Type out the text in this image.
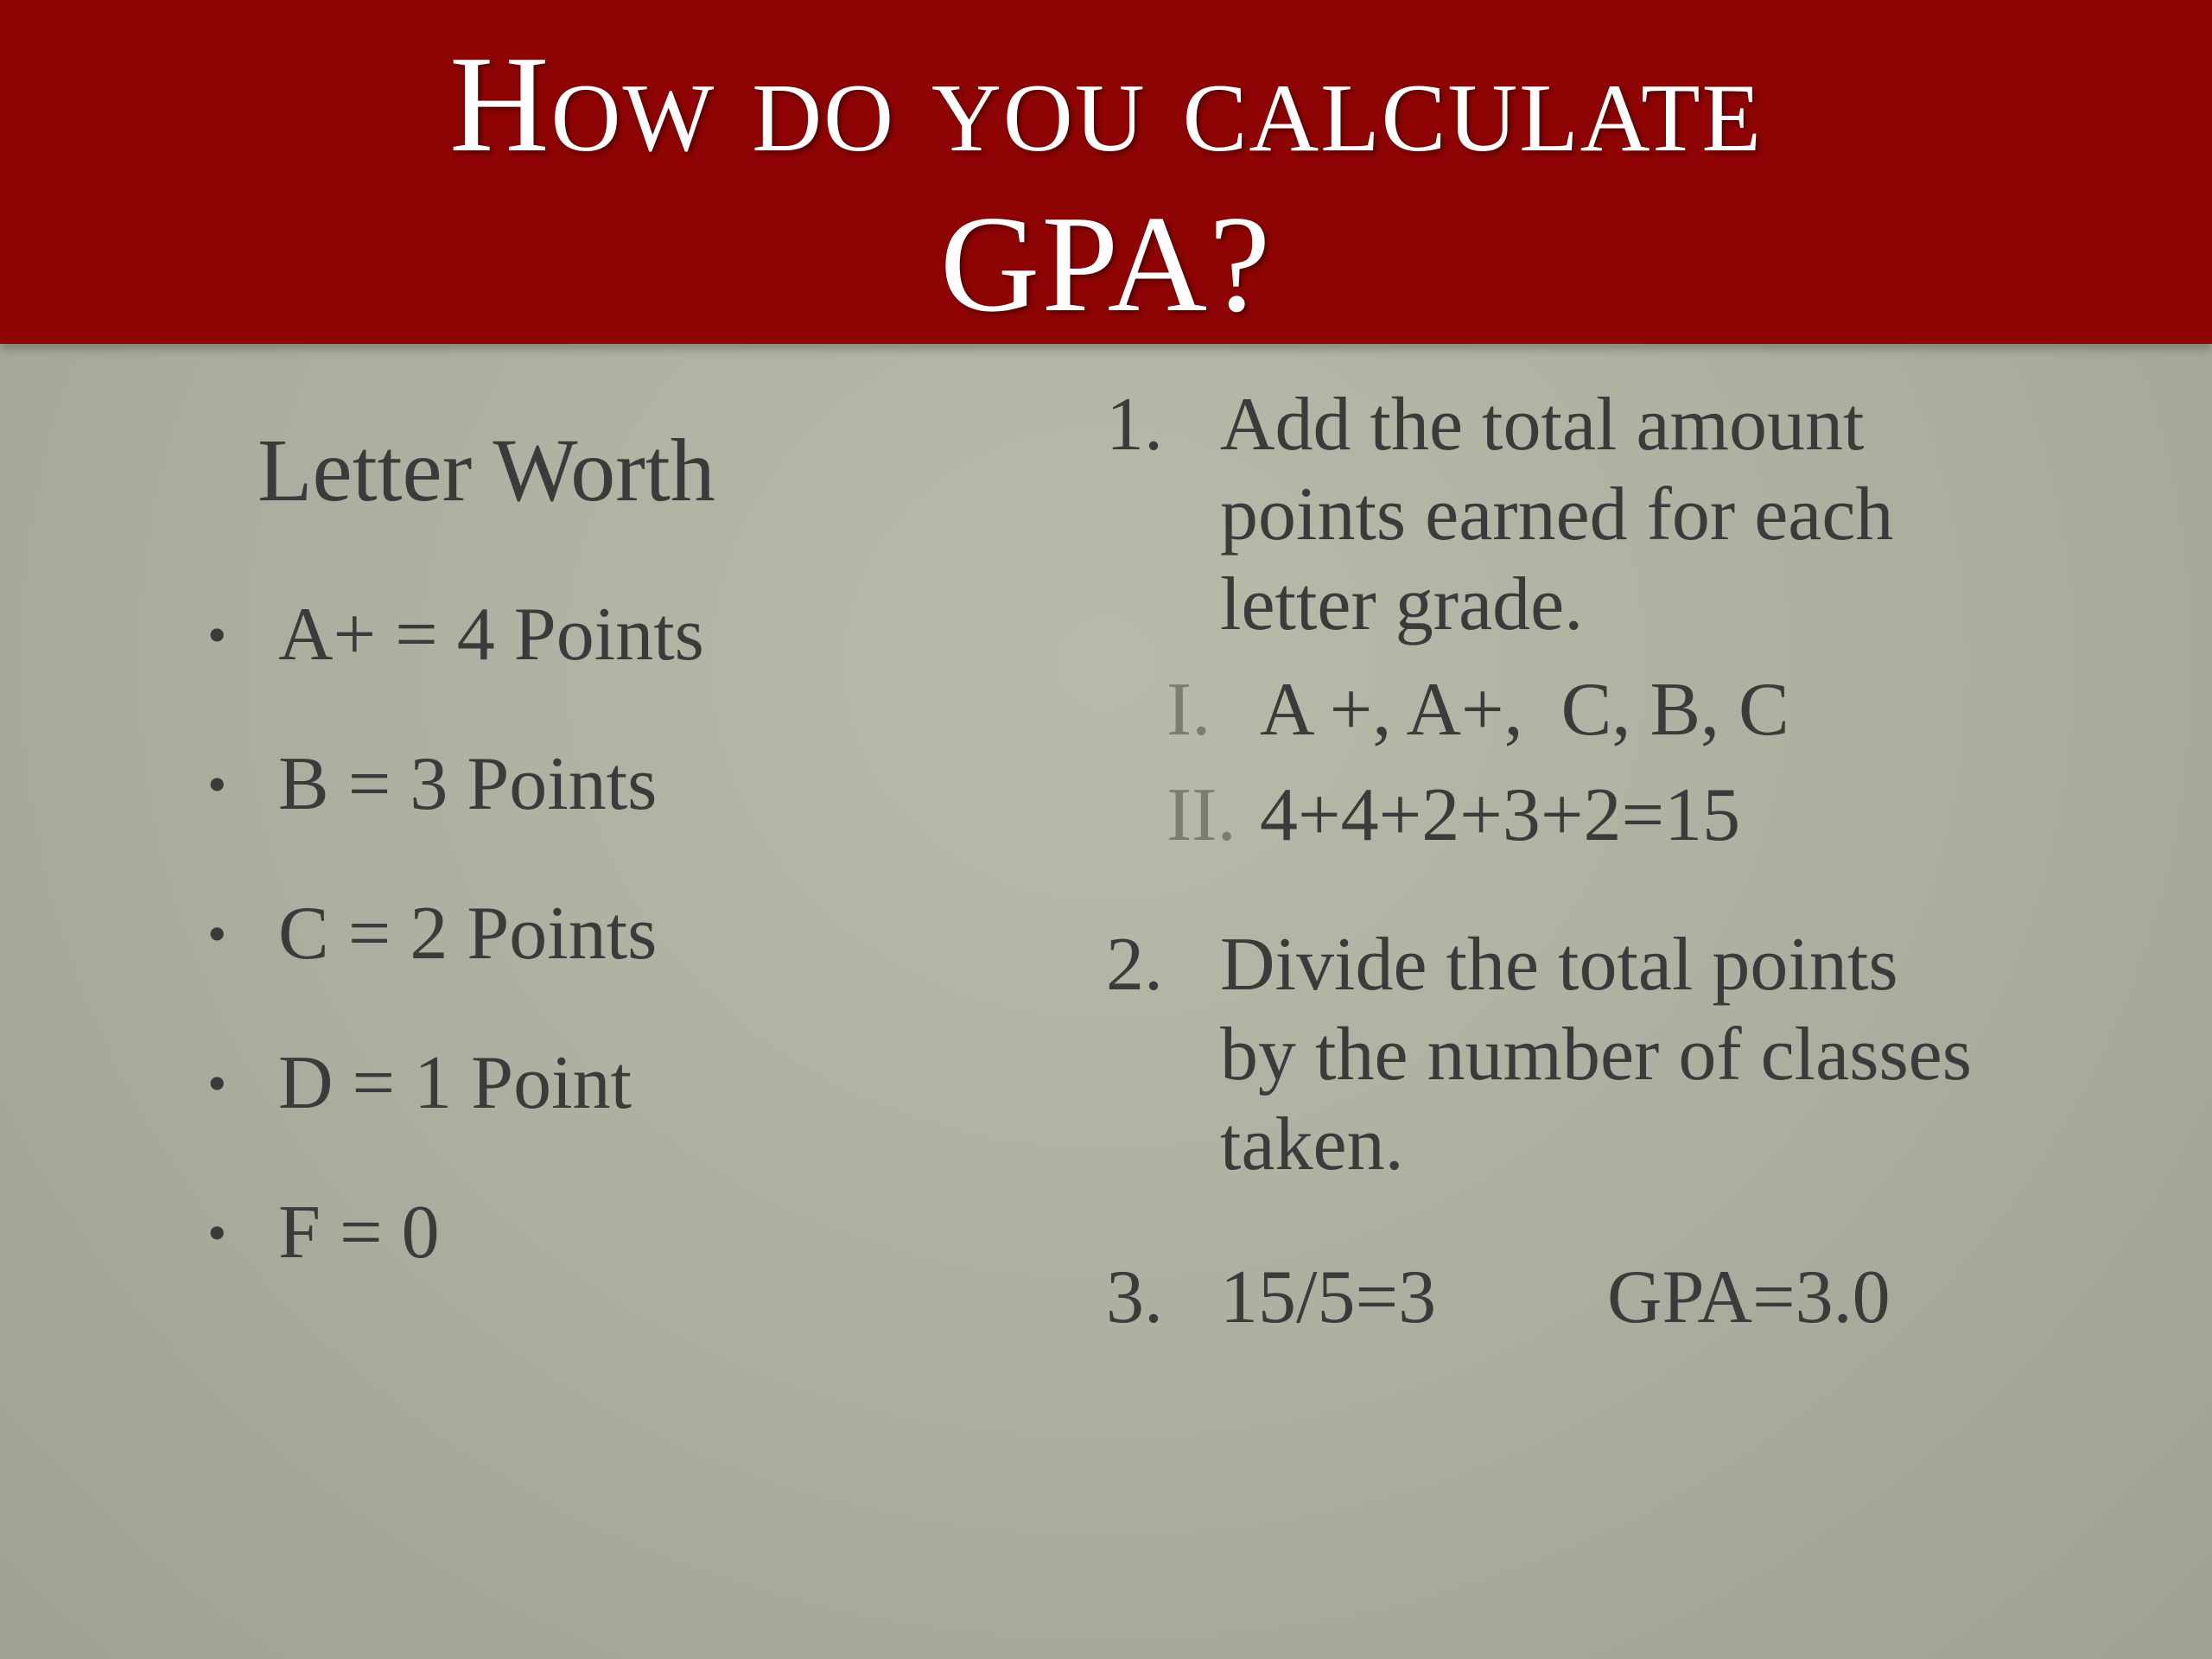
How do you calculate
GPA?
Letter Worth
• A+ = 4 Points
• B = 3 Points
• C = 2 Points
• D = 1 Point
• F = 0
1. Add the total amount
points earned for each
letter grade.
I. A +, A+,  C, B, C
II. 4+4+2+3+2=15
2. Divide the total points
by the number of classes
taken.
3. 15/5=3 GPA=3.0
